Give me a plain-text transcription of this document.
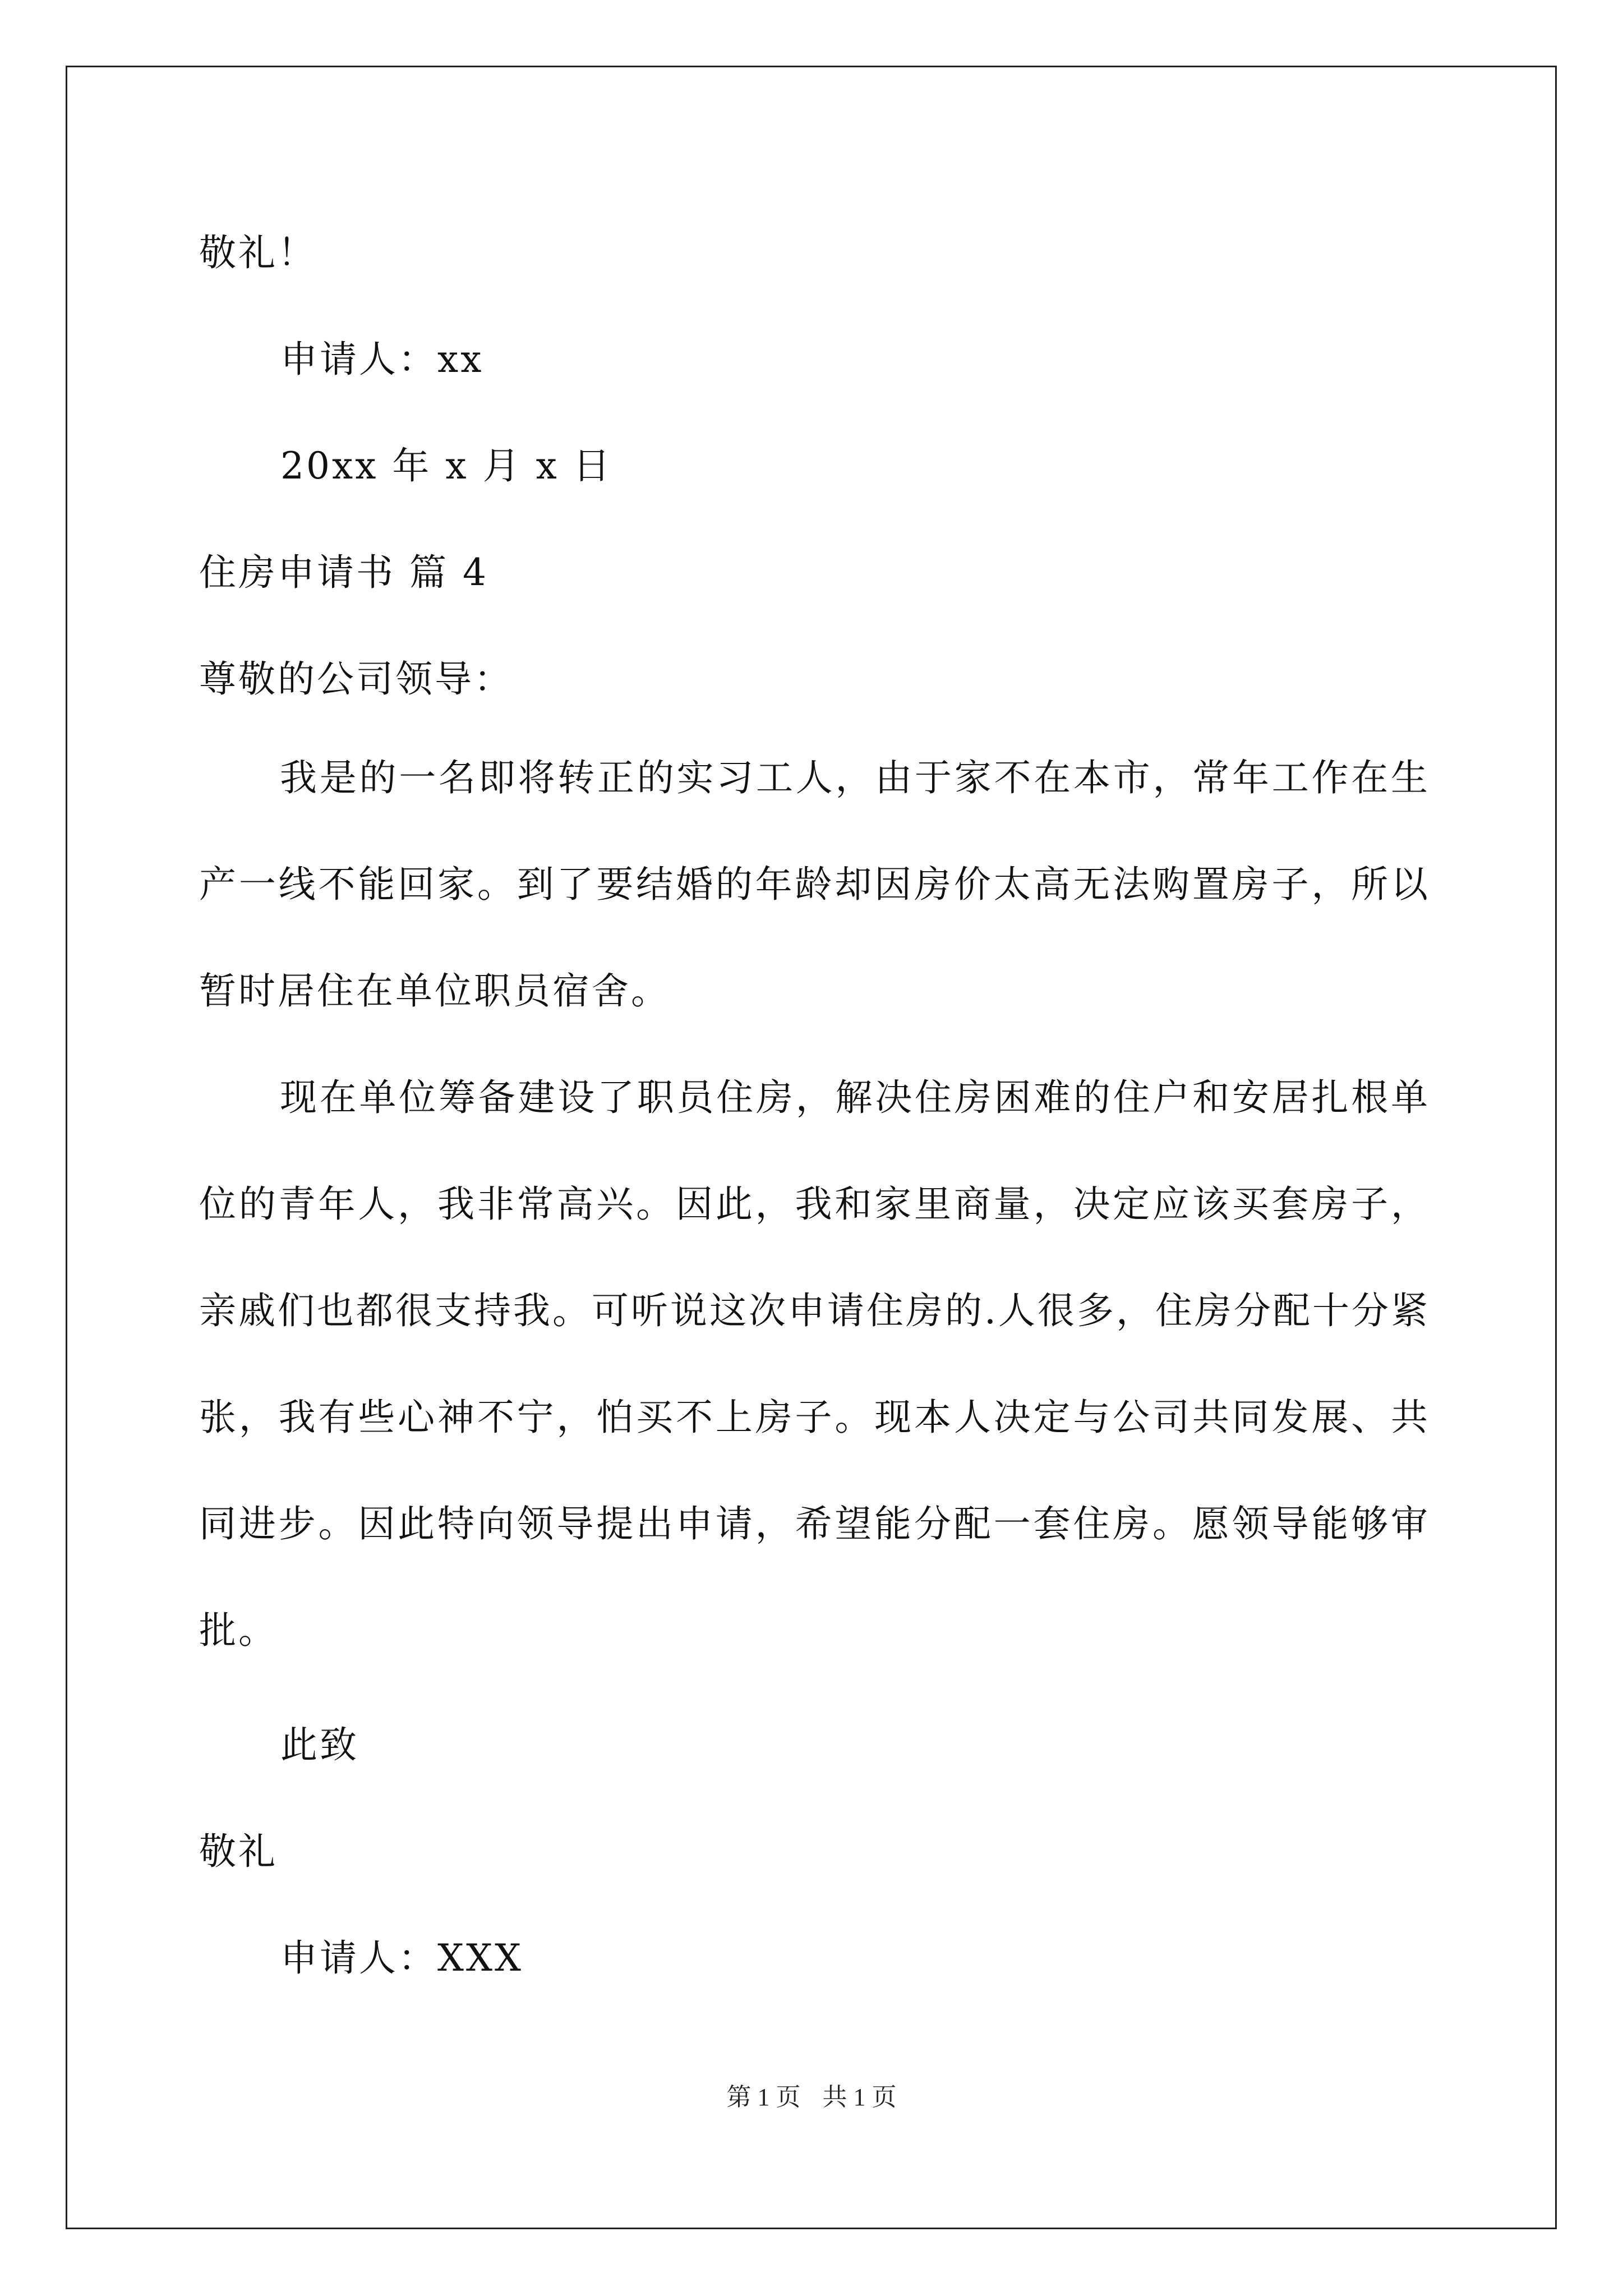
敬礼！
申请人：xx
20xx 年 x 月 x 日
住房申请书 篇 4
尊敬的公司领导：

我是的一名即将转正的实习工人，由于家不在本市，常年工作在生产一线不能回家。到了要结婚的年龄却因房价太高无法购置房子，所以暂时居住在单位职员宿舍。

现在单位筹备建设了职员住房，解决住房困难的住户和安居扎根单位的青年人，我非常高兴。因此，我和家里商量，决定应该买套房子，亲戚们也都很支持我。可听说这次申请住房的.人很多，住房分配十分紧张，我有些心神不宁，怕买不上房子。现本人决定与公司共同发展、共同进步。因此特向领导提出申请，希望能分配一套住房。愿领导能够审批。

此致
敬礼
申请人：XXX
第 1 页 共 1 页
